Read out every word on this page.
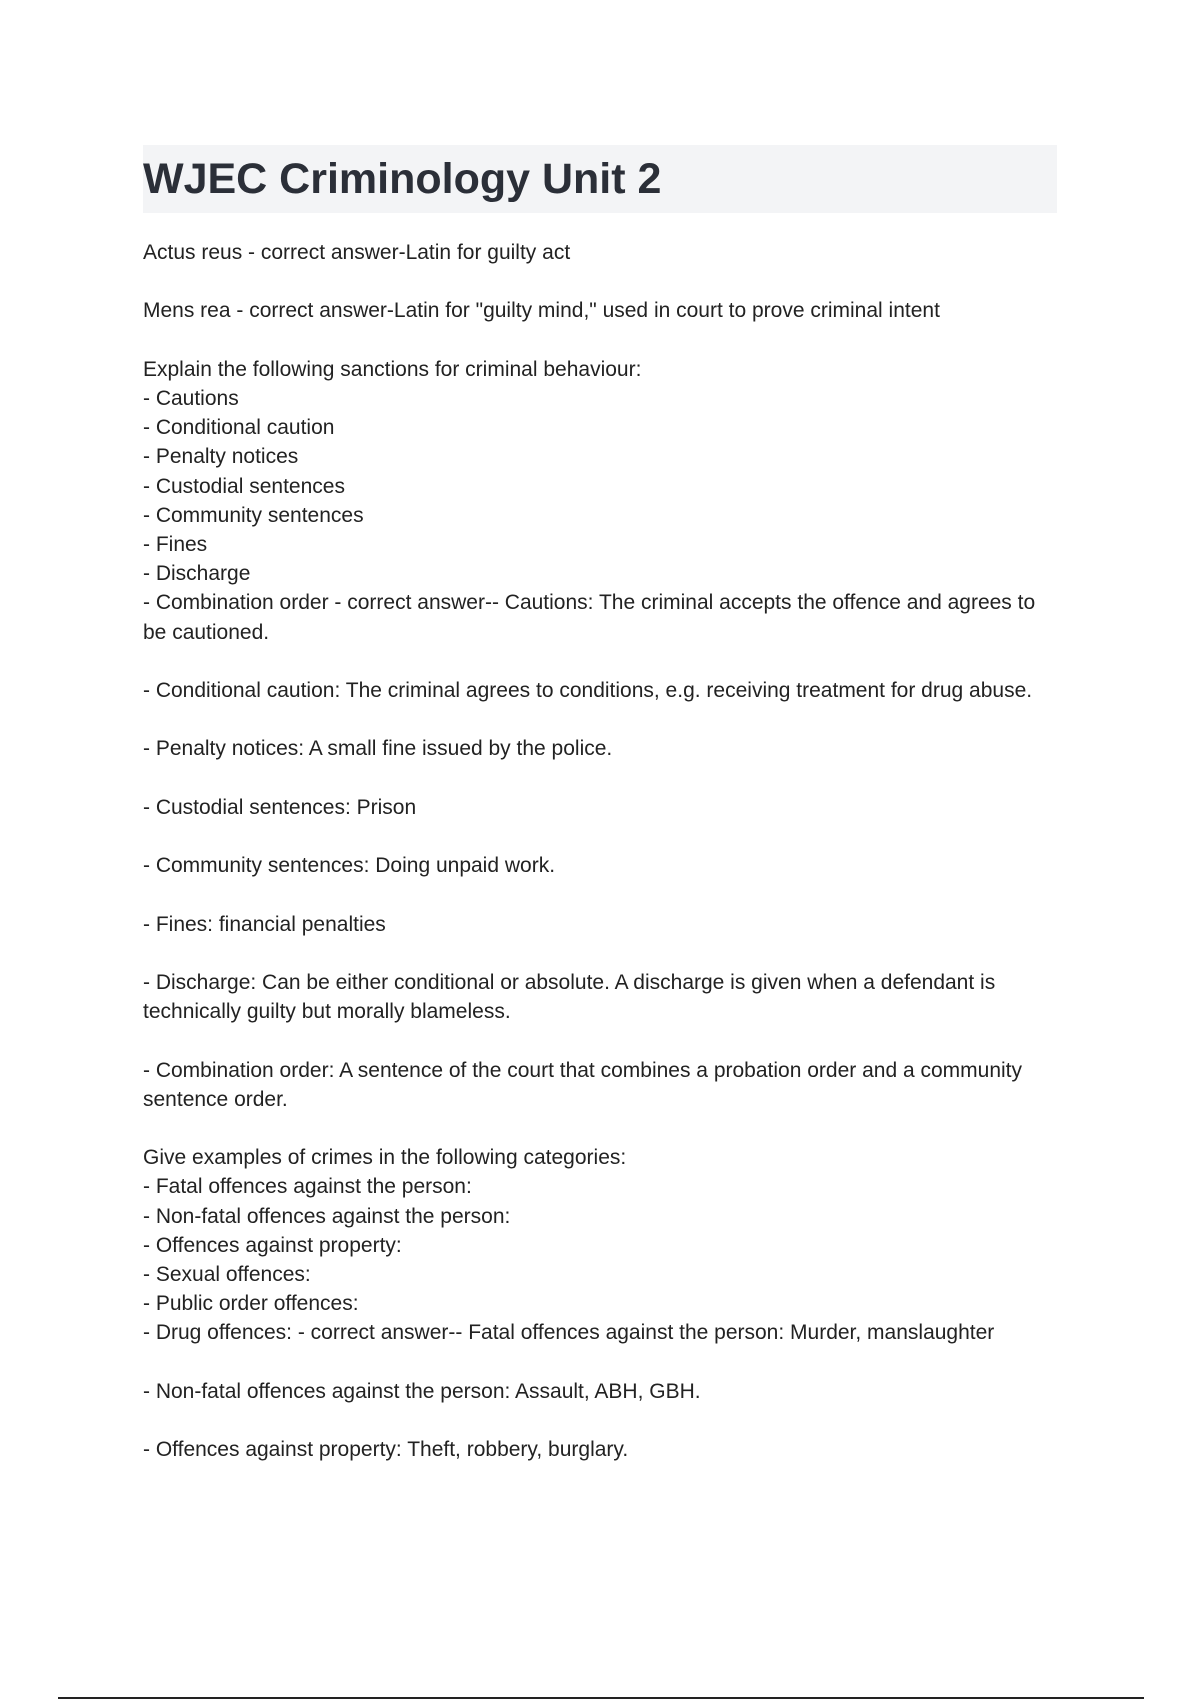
WJEC Criminology Unit 2

Actus reus - correct answer-Latin for guilty act

Mens rea - correct answer-Latin for "guilty mind," used in court to prove criminal intent

Explain the following sanctions for criminal behaviour:
- Cautions
- Conditional caution
- Penalty notices
- Custodial sentences
- Community sentences
- Fines
- Discharge
- Combination order - correct answer-- Cautions: The criminal accepts the offence and agrees to be cautioned.

- Conditional caution: The criminal agrees to conditions, e.g. receiving treatment for drug abuse.

- Penalty notices: A small fine issued by the police.

- Custodial sentences: Prison

- Community sentences: Doing unpaid work.

- Fines: financial penalties

- Discharge: Can be either conditional or absolute. A discharge is given when a defendant is technically guilty but morally blameless.

- Combination order: A sentence of the court that combines a probation order and a community sentence order.

Give examples of crimes in the following categories:
- Fatal offences against the person:
- Non-fatal offences against the person:
- Offences against property:
- Sexual offences:
- Public order offences:
- Drug offences: - correct answer-- Fatal offences against the person: Murder, manslaughter

- Non-fatal offences against the person: Assault, ABH, GBH.

- Offences against property: Theft, robbery, burglary.
